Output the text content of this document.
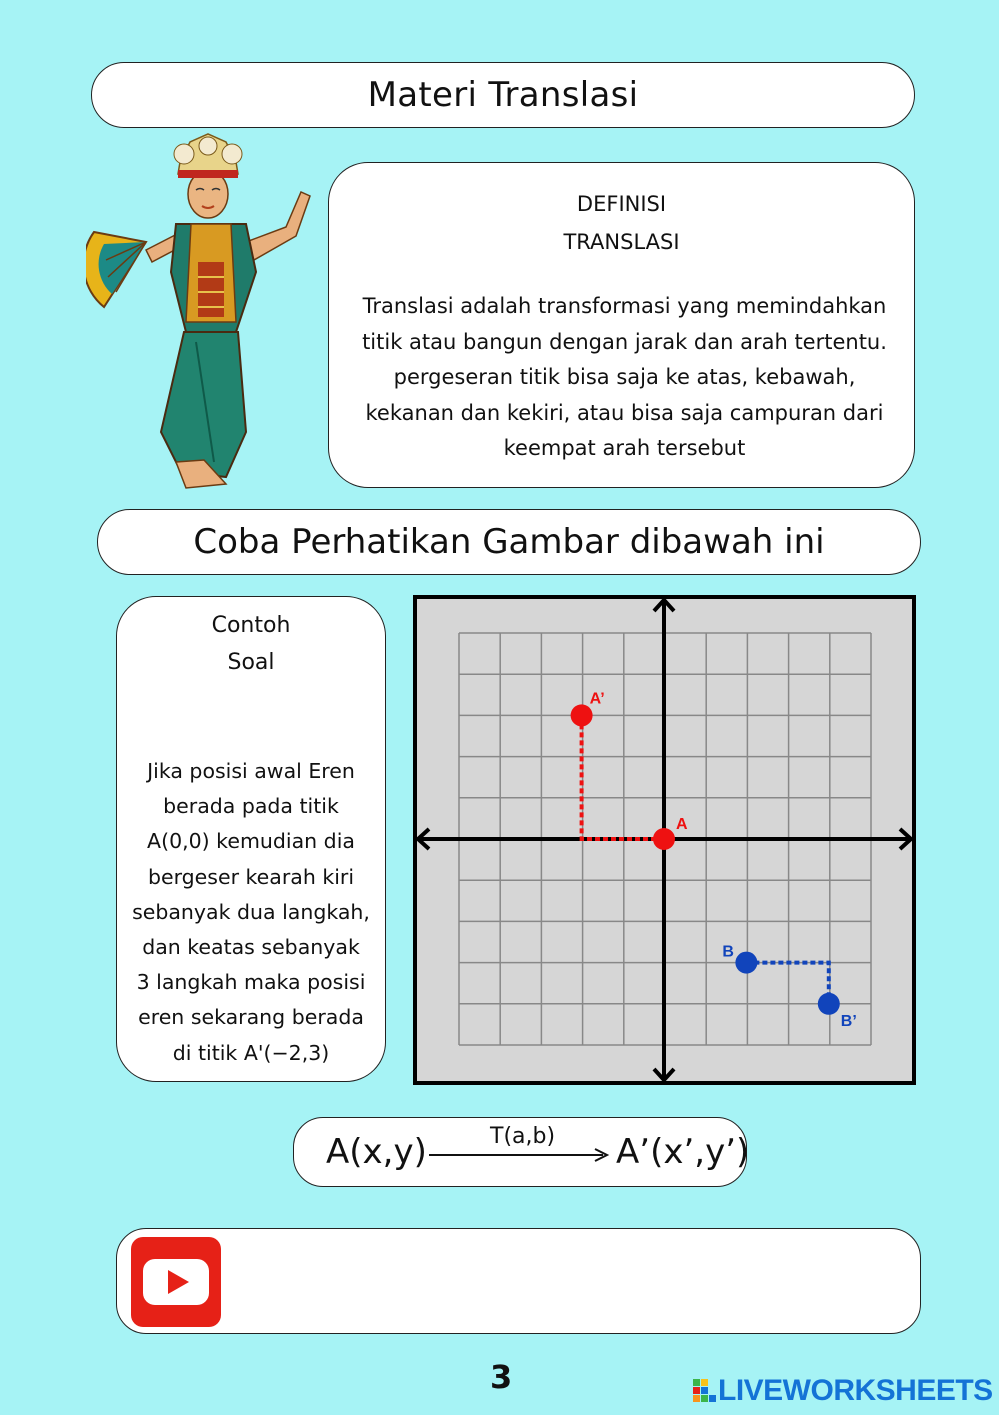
Materi Translasi
DEFINISI
TRANSLASI
Translasi adalah transformasi yang memindahkan
titik atau bangun dengan jarak dan arah tertentu.
pergeseran titik bisa saja ke atas, kebawah,
kekanan dan kekiri, atau bisa saja campuran dari
keempat arah tersebut
Coba Perhatikan Gambar dibawah ini
Contoh
Soal
Jika posisi awal Eren
berada pada titik
A(0,0) kemudian dia
bergeser kearah kiri
sebanyak dua langkah,
dan keatas sebanyak
3 langkah maka posisi
eren sekarang berada
di titik A'(−2,3)
A
A’
B
B’
A(x,y)	T(a,b) A’(x’,y’)
3	LIVEWORKSHEETS
